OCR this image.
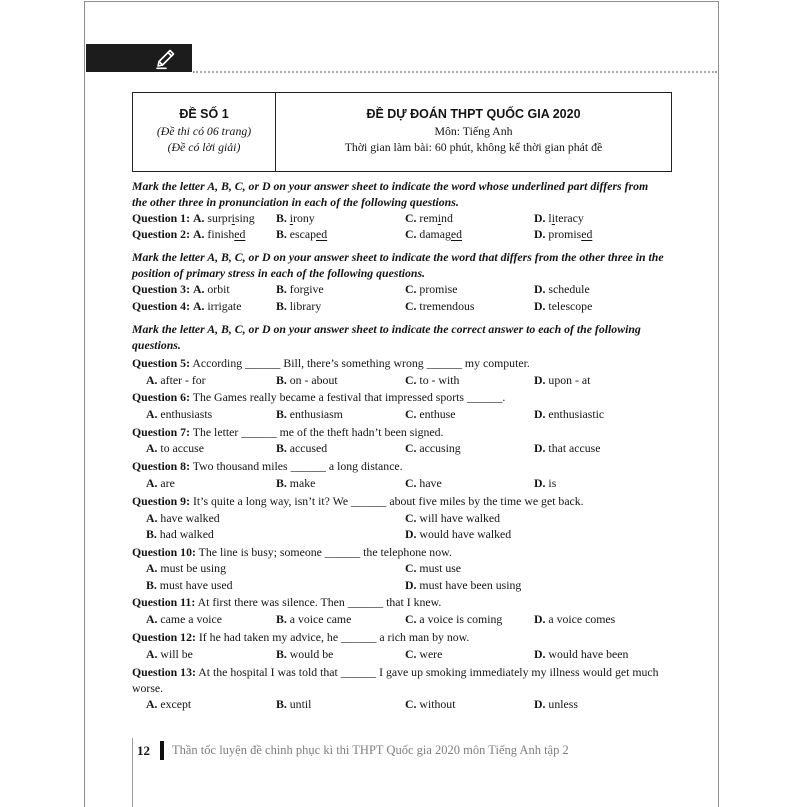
ĐỀ SỐ 1
(Đề thi có 06 trang)
(Đề có lời giải)
ĐỀ DỰ ĐOÁN THPT QUỐC GIA 2020
Môn: Tiếng Anh
Thời gian làm bài: 60 phút, không kể thời gian phát đề
Mark the letter A, B, C, or D on your answer sheet to indicate the word whose underlined part differs from
the other three in pronunciation in each of the following questions.
Question 1: A. surprising B. irony	C. remind	D. literacy
Question 2: A. finished	B. escaped	C. damaged	D. promised
Mark the letter A, B, C, or D on your answer sheet to indicate the word that differs from the other three in the
position of primary stress in each of the following questions.
Question 3: A. orbit	B. forgive	C. promise	D. schedule
Question 4: A. irrigate	B. library	C. tremendous	D. telescope
Mark the letter A, B, C, or D on your answer sheet to indicate the correct answer to each of the following
questions.
Question 5: According ______ Bill, there’s something wrong ______ my computer.
A. after - for	B. on - about	C. to - with	D. upon - at
Question 6: The Games really became a festival that impressed sports ______.
A. enthusiasts	B. enthusiasm	C. enthuse	D. enthusiastic
Question 7: The letter ______ me of the theft hadn’t been signed.
A. to accuse	B. accused	C. accusing	D. that accuse
Question 8: Two thousand miles ______ a long distance.
A. are	B. make	C. have	D. is
Question 9: It’s quite a long way, isn’t it? We ______ about five miles by the time we get back.
A. have walked	C. will have walked
B. had walked	D. would have walked
Question 10: The line is busy; someone ______ the telephone now.
A. must be using	C. must use
B. must have used	D. must have been using
Question 11: At first there was silence. Then ______ that I knew.
A. came a voice	B. a voice came	C. a voice is coming	D. a voice comes
Question 12: If he had taken my advice, he ______ a rich man by now.
A. will be	B. would be	C. were	D. would have been
Question 13: At the hospital I was told that ______ I gave up smoking immediately my illness would get much
worse.
A. except	B. until	C. without	D. unless
12 Thần tốc luyện đề chinh phục kì thi THPT Quốc gia 2020 môn Tiếng Anh tập 2
